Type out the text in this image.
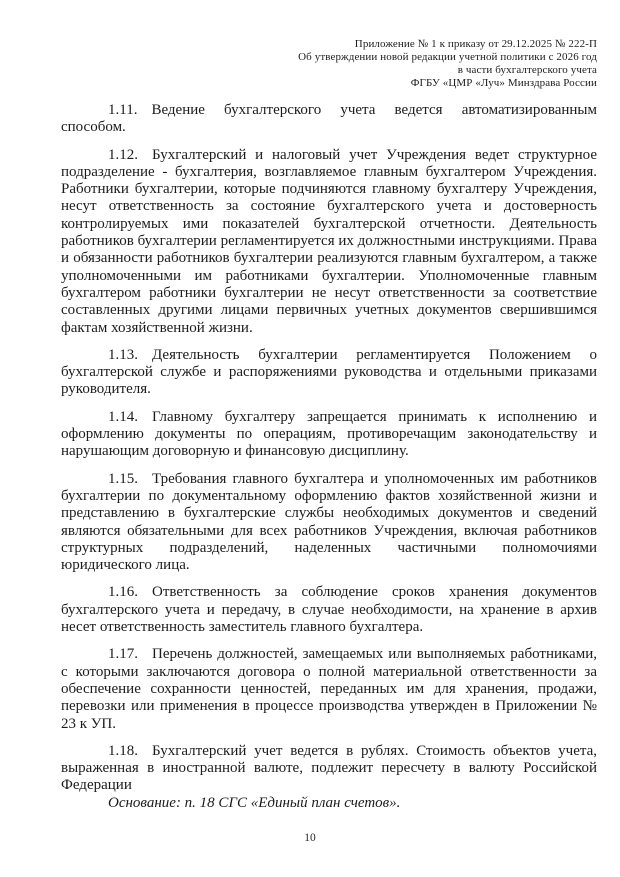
Приложение № 1 к приказу от 29.12.2025 № 222-П
Об утверждении новой редакции учетной политики с 2026 год
в части бухгалтерского учета
ФГБУ «ЦМР «Луч» Минздрава России

1.11. Ведение бухгалтерского учета ведется автоматизированным способом.

1.12. Бухгалтерский и налоговый учет Учреждения ведет структурное подразделение - бухгалтерия, возглавляемое главным бухгалтером Учреждения. Работники бухгалтерии, которые подчиняются главному бухгалтеру Учреждения, несут ответственность за состояние бухгалтерского учета и достоверность контролируемых ими показателей бухгалтерской отчетности. Деятельность работников бухгалтерии регламентируется их должностными инструкциями. Права и обязанности работников бухгалтерии реализуются главным бухгалтером, а также уполномоченными им работниками бухгалтерии. Уполномоченные главным бухгалтером работники бухгалтерии не несут ответственности за соответствие составленных другими лицами первичных учетных документов свершившимся фактам хозяйственной жизни.

1.13. Деятельность бухгалтерии регламентируется Положением о бухгалтерской службе и распоряжениями руководства и отдельными приказами руководителя.

1.14. Главному бухгалтеру запрещается принимать к исполнению и оформлению документы по операциям, противоречащим законодательству и нарушающим договорную и финансовую дисциплину.

1.15. Требования главного бухгалтера и уполномоченных им работников бухгалтерии по документальному оформлению фактов хозяйственной жизни и представлению в бухгалтерские службы необходимых документов и сведений являются обязательными для всех работников Учреждения, включая работников структурных подразделений, наделенных частичными полномочиями юридического лица.

1.16. Ответственность за соблюдение сроков хранения документов бухгалтерского учета и передачу, в случае необходимости, на хранение в архив несет ответственность заместитель главного бухгалтера.

1.17. Перечень должностей, замещаемых или выполняемых работниками, с которыми заключаются договора о полной материальной ответственности за обеспечение сохранности ценностей, переданных им для хранения, продажи, перевозки или применения в процессе производства утвержден в Приложении № 23 к УП.

1.18. Бухгалтерский учет ведется в рублях. Стоимость объектов учета, выраженная в иностранной валюте, подлежит пересчету в валюту Российской Федерации

Основание: п. 18 СГС «Единый план счетов».

10
